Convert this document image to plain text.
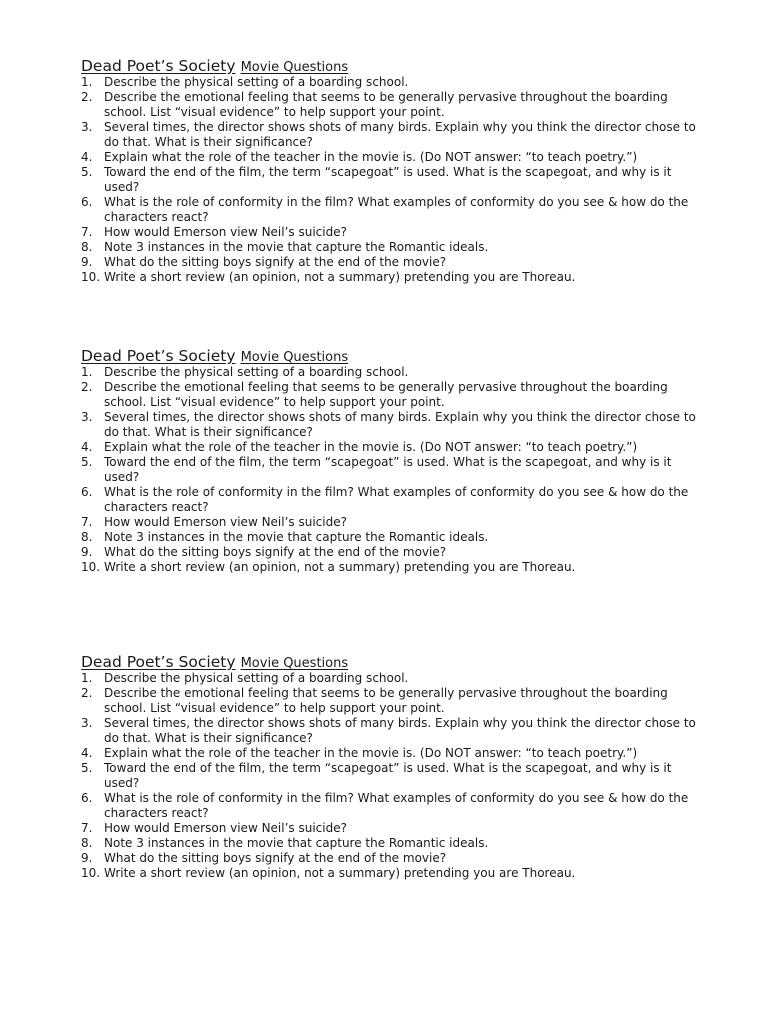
Dead Poet’s Society Movie Questions

1. Describe the physical setting of a boarding school.
2. Describe the emotional feeling that seems to be generally pervasive throughout the boarding school. List “visual evidence” to help support your point.
3. Several times, the director shows shots of many birds. Explain why you think the director chose to do that. What is their significance?
4. Explain what the role of the teacher in the movie is. (Do NOT answer: “to teach poetry.”)
5. Toward the end of the film, the term “scapegoat” is used. What is the scapegoat, and why is it used?
6. What is the role of conformity in the film? What examples of conformity do you see & how do the characters react?
7. How would Emerson view Neil’s suicide?
8. Note 3 instances in the movie that capture the Romantic ideals.
9. What do the sitting boys signify at the end of the movie?
10. Write a short review (an opinion, not a summary) pretending you are Thoreau.

Dead Poet’s Society Movie Questions

1. Describe the physical setting of a boarding school.
2. Describe the emotional feeling that seems to be generally pervasive throughout the boarding school. List “visual evidence” to help support your point.
3. Several times, the director shows shots of many birds. Explain why you think the director chose to do that. What is their significance?
4. Explain what the role of the teacher in the movie is. (Do NOT answer: “to teach poetry.”)
5. Toward the end of the film, the term “scapegoat” is used. What is the scapegoat, and why is it used?
6. What is the role of conformity in the film? What examples of conformity do you see & how do the characters react?
7. How would Emerson view Neil’s suicide?
8. Note 3 instances in the movie that capture the Romantic ideals.
9. What do the sitting boys signify at the end of the movie?
10. Write a short review (an opinion, not a summary) pretending you are Thoreau.

Dead Poet’s Society Movie Questions

1. Describe the physical setting of a boarding school.
2. Describe the emotional feeling that seems to be generally pervasive throughout the boarding school. List “visual evidence” to help support your point.
3. Several times, the director shows shots of many birds. Explain why you think the director chose to do that. What is their significance?
4. Explain what the role of the teacher in the movie is. (Do NOT answer: “to teach poetry.”)
5. Toward the end of the film, the term “scapegoat” is used. What is the scapegoat, and why is it used?
6. What is the role of conformity in the film? What examples of conformity do you see & how do the characters react?
7. How would Emerson view Neil’s suicide?
8. Note 3 instances in the movie that capture the Romantic ideals.
9. What do the sitting boys signify at the end of the movie?
10. Write a short review (an opinion, not a summary) pretending you are Thoreau.
